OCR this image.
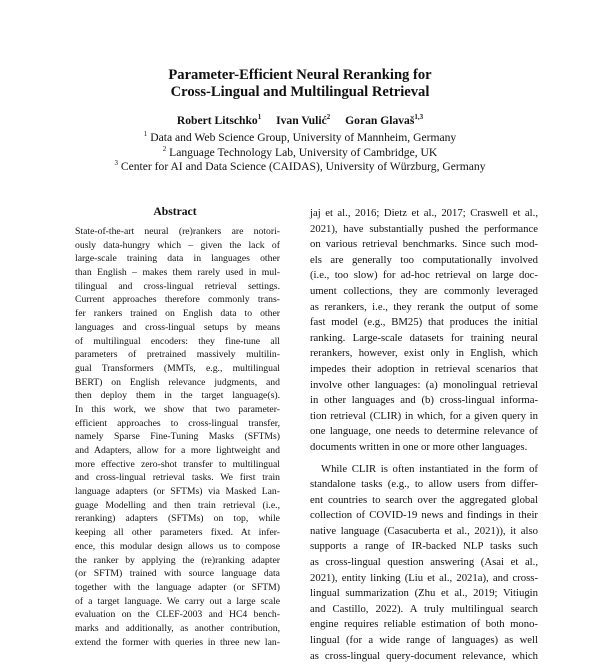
Parameter-Efficient Neural Reranking for
Cross-Lingual and Multilingual Retrieval
Robert Litschko$^1$ Ivan Vulić$^2$ Goran Glavaš$^{1,3}$
$^1$ Data and Web Science Group, University of Mannheim, Germany
$^2$ Language Technology Lab, University of Cambridge, UK
$^3$ Center for AI and Data Science (CAIDAS), University of Würzburg, Germany
Abstract
State-of-the-art neural (re)rankers are notori-
ously data-hungry which – given the lack of
large-scale training data in languages other
than English – makes them rarely used in mul-
tilingual and cross-lingual retrieval settings.
Current approaches therefore commonly trans-
fer rankers trained on English data to other
languages and cross-lingual setups by means
of multilingual encoders: they fine-tune all
parameters of pretrained massively multilin-
gual Transformers (MMTs, e.g., multilingual
BERT) on English relevance judgments, and
then deploy them in the target language(s).
In this work, we show that two parameter-
efficient approaches to cross-lingual transfer,
namely Sparse Fine-Tuning Masks (SFTMs)
and Adapters, allow for a more lightweight and
more effective zero-shot transfer to multilingual
and cross-lingual retrieval tasks. We first train
language adapters (or SFTMs) via Masked Lan-
guage Modelling and then train retrieval (i.e.,
reranking) adapters (SFTMs) on top, while
keeping all other parameters fixed. At infer-
ence, this modular design allows us to compose
the ranker by applying the (re)ranking adapter
(or SFTM) trained with source language data
together with the language adapter (or SFTM)
of a target language. We carry out a large scale
evaluation on the CLEF-2003 and HC4 bench-
marks and additionally, as another contribution,
extend the former with queries in three new lan-
jaj et al., 2016; Dietz et al., 2017; Craswell et al.,
2021), have substantially pushed the performance
on various retrieval benchmarks. Since such mod-
els are generally too computationally involved
(i.e., too slow) for ad-hoc retrieval on large doc-
ument collections, they are commonly leveraged
as rerankers, i.e., they rerank the output of some
fast model (e.g., BM25) that produces the initial
ranking. Large-scale datasets for training neural
rerankers, however, exist only in English, which
impedes their adoption in retrieval scenarios that
involve other languages: (a) monolingual retrieval
in other languages and (b) cross-lingual informa-
tion retrieval (CLIR) in which, for a given query in
one language, one needs to determine relevance of
documents written in one or more other languages.
While CLIR is often instantiated in the form of
standalone tasks (e.g., to allow users from differ-
ent countries to search over the aggregated global
collection of COVID-19 news and findings in their
native language (Casacuberta et al., 2021)), it also
supports a range of IR-backed NLP tasks such
as cross-lingual question answering (Asai et al.,
2021), entity linking (Liu et al., 2021a), and cross-
lingual summarization (Zhu et al., 2019; Vitiugin
and Castillo, 2022). A truly multilingual search
engine requires reliable estimation of both mono-
lingual (for a wide range of languages) as well
as cross-lingual query-document relevance, which
